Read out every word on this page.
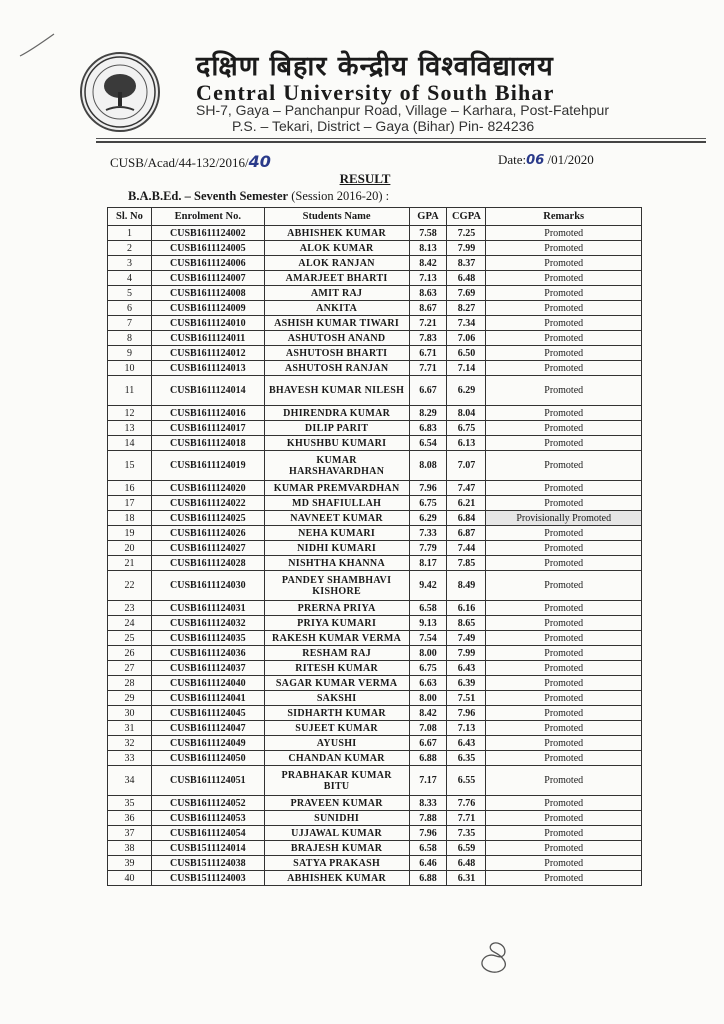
दक्षिण बिहार केन्द्रीय विश्वविद्यालय
Central University of South Bihar
SH-7, Gaya – Panchanpur Road, Village – Karhara, Post-Fatehpur
P.S. – Tekari, District – Gaya (Bihar) Pin- 824236
CUSB/Acad/44-132/2016/40	Date:06 /01/2020
RESULT
B.A.B.Ed. – Seventh Semester (Session 2016-20) :
Sl. No	Enrolment No.	Students Name	GPA	CGPA	Remarks
1	CUSB1611124002	ABHISHEK KUMAR	7.58	7.25	Promoted
2	CUSB1611124005	ALOK KUMAR	8.13	7.99	Promoted
3	CUSB1611124006	ALOK RANJAN	8.42	8.37	Promoted
4	CUSB1611124007	AMARJEET BHARTI	7.13	6.48	Promoted
5	CUSB1611124008	AMIT RAJ	8.63	7.69	Promoted
6	CUSB1611124009	ANKITA	8.67	8.27	Promoted
7	CUSB1611124010	ASHISH KUMAR TIWARI	7.21	7.34	Promoted
8	CUSB1611124011	ASHUTOSH ANAND	7.83	7.06	Promoted
9	CUSB1611124012	ASHUTOSH BHARTI	6.71	6.50	Promoted
10	CUSB1611124013	ASHUTOSH RANJAN	7.71	7.14	Promoted
11	CUSB1611124014	BHAVESH KUMAR NILESH	6.67	6.29	Promoted
12	CUSB1611124016	DHIRENDRA KUMAR	8.29	8.04	Promoted
13	CUSB1611124017	DILIP PARIT	6.83	6.75	Promoted
14	CUSB1611124018	KHUSHBU KUMARI	6.54	6.13	Promoted
15	CUSB1611124019	KUMAR HARSHAVARDHAN	8.08	7.07	Promoted
16	CUSB1611124020	KUMAR PREMVARDHAN	7.96	7.47	Promoted
17	CUSB1611124022	MD SHAFIULLAH	6.75	6.21	Promoted
18	CUSB1611124025	NAVNEET KUMAR	6.29	6.84	Provisionally Promoted
19	CUSB1611124026	NEHA KUMARI	7.33	6.87	Promoted
20	CUSB1611124027	NIDHI KUMARI	7.79	7.44	Promoted
21	CUSB1611124028	NISHTHA KHANNA	8.17	7.85	Promoted
22	CUSB1611124030	PANDEY SHAMBHAVI KISHORE	9.42	8.49	Promoted
23	CUSB1611124031	PRERNA PRIYA	6.58	6.16	Promoted
24	CUSB1611124032	PRIYA KUMARI	9.13	8.65	Promoted
25	CUSB1611124035	RAKESH KUMAR VERMA	7.54	7.49	Promoted
26	CUSB1611124036	RESHAM RAJ	8.00	7.99	Promoted
27	CUSB1611124037	RITESH KUMAR	6.75	6.43	Promoted
28	CUSB1611124040	SAGAR KUMAR VERMA	6.63	6.39	Promoted
29	CUSB1611124041	SAKSHI	8.00	7.51	Promoted
30	CUSB1611124045	SIDHARTH KUMAR	8.42	7.96	Promoted
31	CUSB1611124047	SUJEET KUMAR	7.08	7.13	Promoted
32	CUSB1611124049	AYUSHI	6.67	6.43	Promoted
33	CUSB1611124050	CHANDAN KUMAR	6.88	6.35	Promoted
34	CUSB1611124051	PRABHAKAR KUMAR BITU	7.17	6.55	Promoted
35	CUSB1611124052	PRAVEEN KUMAR	8.33	7.76	Promoted
36	CUSB1611124053	SUNIDHI	7.88	7.71	Promoted
37	CUSB1611124054	UJJAWAL KUMAR	7.96	7.35	Promoted
38	CUSB1511124014	BRAJESH KUMAR	6.58	6.59	Promoted
39	CUSB1511124038	SATYA PRAKASH	6.46	6.48	Promoted
40	CUSB1511124003	ABHISHEK KUMAR	6.88	6.31	Promoted
